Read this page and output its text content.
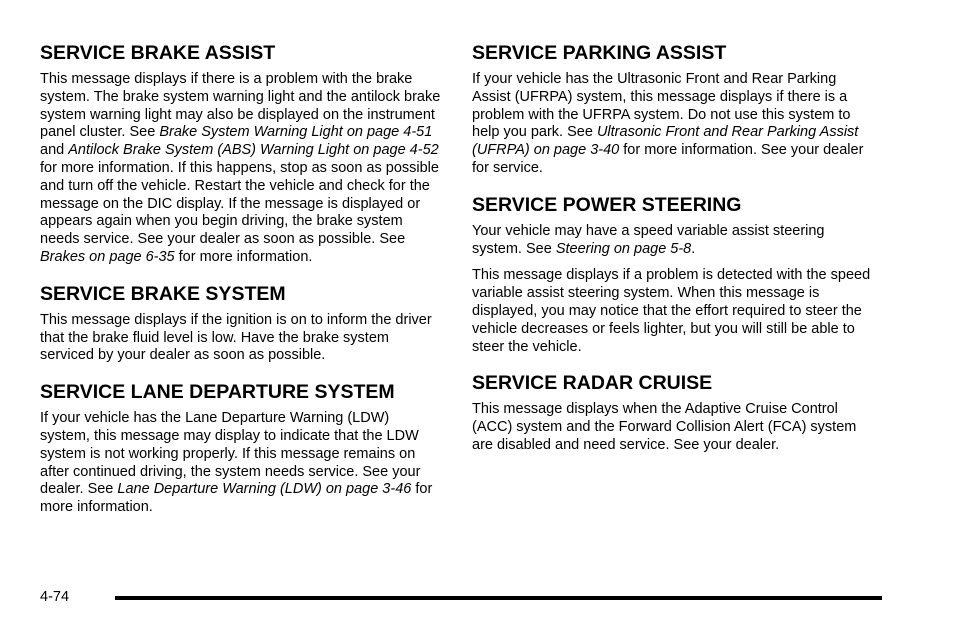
SERVICE BRAKE ASSIST

This message displays if there is a problem with the brake system. The brake system warning light and the antilock brake system warning light may also be displayed on the instrument panel cluster. See Brake System Warning Light on page 4-51 and Antilock Brake System (ABS) Warning Light on page 4-52 for more information. If this happens, stop as soon as possible and turn off the vehicle. Restart the vehicle and check for the message on the DIC display. If the message is displayed or appears again when you begin driving, the brake system needs service. See your dealer as soon as possible. See Brakes on page 6-35 for more information.

SERVICE BRAKE SYSTEM

This message displays if the ignition is on to inform the driver that the brake fluid level is low. Have the brake system serviced by your dealer as soon as possible.

SERVICE LANE DEPARTURE SYSTEM

If your vehicle has the Lane Departure Warning (LDW) system, this message may display to indicate that the LDW system is not working properly. If this message remains on after continued driving, the system needs service. See your dealer. See Lane Departure Warning (LDW) on page 3-46 for more information.

SERVICE PARKING ASSIST

If your vehicle has the Ultrasonic Front and Rear Parking Assist (UFRPA) system, this message displays if there is a problem with the UFRPA system. Do not use this system to help you park. See Ultrasonic Front and Rear Parking Assist (UFRPA) on page 3-40 for more information. See your dealer for service.

SERVICE POWER STEERING

Your vehicle may have a speed variable assist steering system. See Steering on page 5-8.

This message displays if a problem is detected with the speed variable assist steering system. When this message is displayed, you may notice that the effort required to steer the vehicle decreases or feels lighter, but you will still be able to steer the vehicle.

SERVICE RADAR CRUISE

This message displays when the Adaptive Cruise Control (ACC) system and the Forward Collision Alert (FCA) system are disabled and need service. See your dealer.

4-74
